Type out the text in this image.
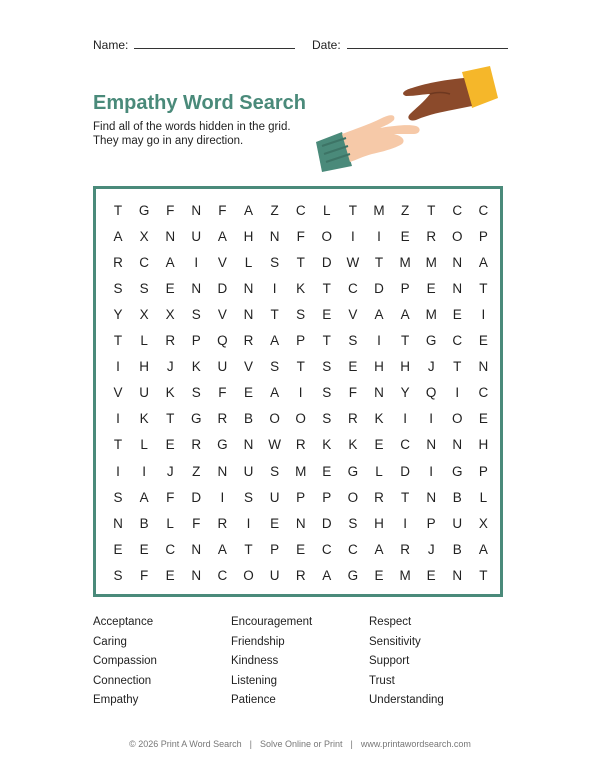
Name:	Date:
Empathy Word Search
Find all of the words hidden in the grid.
They may go in any direction.
T	G	F	N	F	A	Z	C	L	T	M	Z	T	C	C
A	X	N	U	A	H	N	F	O	I	I	E	R	O	P
R	C	A	I	V	L	S	T	D	W	T	M	M	N	A
S	S	E	N	D	N	I	K	T	C	D	P	E	N	T
Y	X	X	S	V	N	T	S	E	V	A	A	M	E	I
T	L	R	P	Q	R	A	P	T	S	I	T	G	C	E
I	H	J	K	U	V	S	T	S	E	H	H	J	T	N
V	U	K	S	F	E	A	I	S	F	N	Y	Q	I	C
I	K	T	G	R	B	O	O	S	R	K	I	I	O	E
T	L	E	R	G	N	W	R	K	K	E	C	N	N	H
I	I	J	Z	N	U	S	M	E	G	L	D	I	G	P
S	A	F	D	I	S	U	P	P	O	R	T	N	B	L
N	B	L	F	R	I	E	N	D	S	H	I	P	U	X
E	E	C	N	A	T	P	E	C	C	A	R	J	B	A
S	F	E	N	C	O	U	R	A	G	E	M	E	N	T
Acceptance
Caring
Compassion
Connection
Empathy
Encouragement
Friendship
Kindness
Listening
Patience
Respect
Sensitivity
Support
Trust
Understanding
© 2026 Print A Word Search | Solve Online or Print | www.printawordsearch.com
